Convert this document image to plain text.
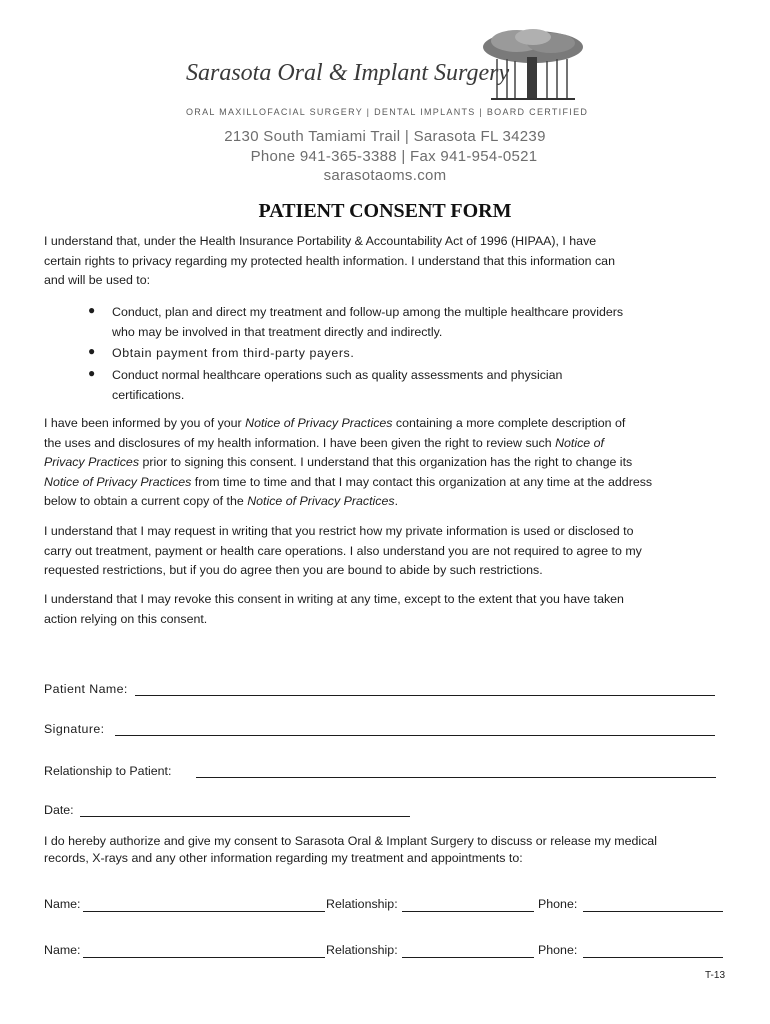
Sarasota Oral & Implant Surgery
ORAL MAXILLOFACIAL SURGERY | DENTAL IMPLANTS | BOARD CERTIFIED
2130 South Tamiami Trail | Sarasota FL 34239
Phone 941-365-3388 | Fax 941-954-0521
sarasotaoms.com
PATIENT CONSENT FORM
I understand that, under the Health Insurance Portability & Accountability Act of 1996 (HIPAA), I have
certain rights to privacy regarding my protected health information. I understand that this information can
and will be used to:
● Conduct, plan and direct my treatment and follow-up among the multiple healthcare providers
who may be involved in that treatment directly and indirectly.
● Obtain payment from third-party payers.
● Conduct normal healthcare operations such as quality assessments and physician
certifications.
I have been informed by you of your Notice of Privacy Practices containing a more complete description of
the uses and disclosures of my health information. I have been given the right to review such Notice of
Privacy Practices prior to signing this consent. I understand that this organization has the right to change its
Notice of Privacy Practices from time to time and that I may contact this organization at any time at the address
below to obtain a current copy of the Notice of Privacy Practices.
I understand that I may request in writing that you restrict how my private information is used or disclosed to
carry out treatment, payment or health care operations. I also understand you are not required to agree to my
requested restrictions, but if you do agree then you are bound to abide by such restrictions.
I understand that I may revoke this consent in writing at any time, except to the extent that you have taken
action relying on this consent.
Patient Name:
Signature:
Relationship to Patient:
Date:
I do hereby authorize and give my consent to Sarasota Oral & Implant Surgery to discuss or release my medical
records, X-rays and any other information regarding my treatment and appointments to:
Name:	Relationship:	Phone:
Name:	Relationship:	Phone:
T-13
